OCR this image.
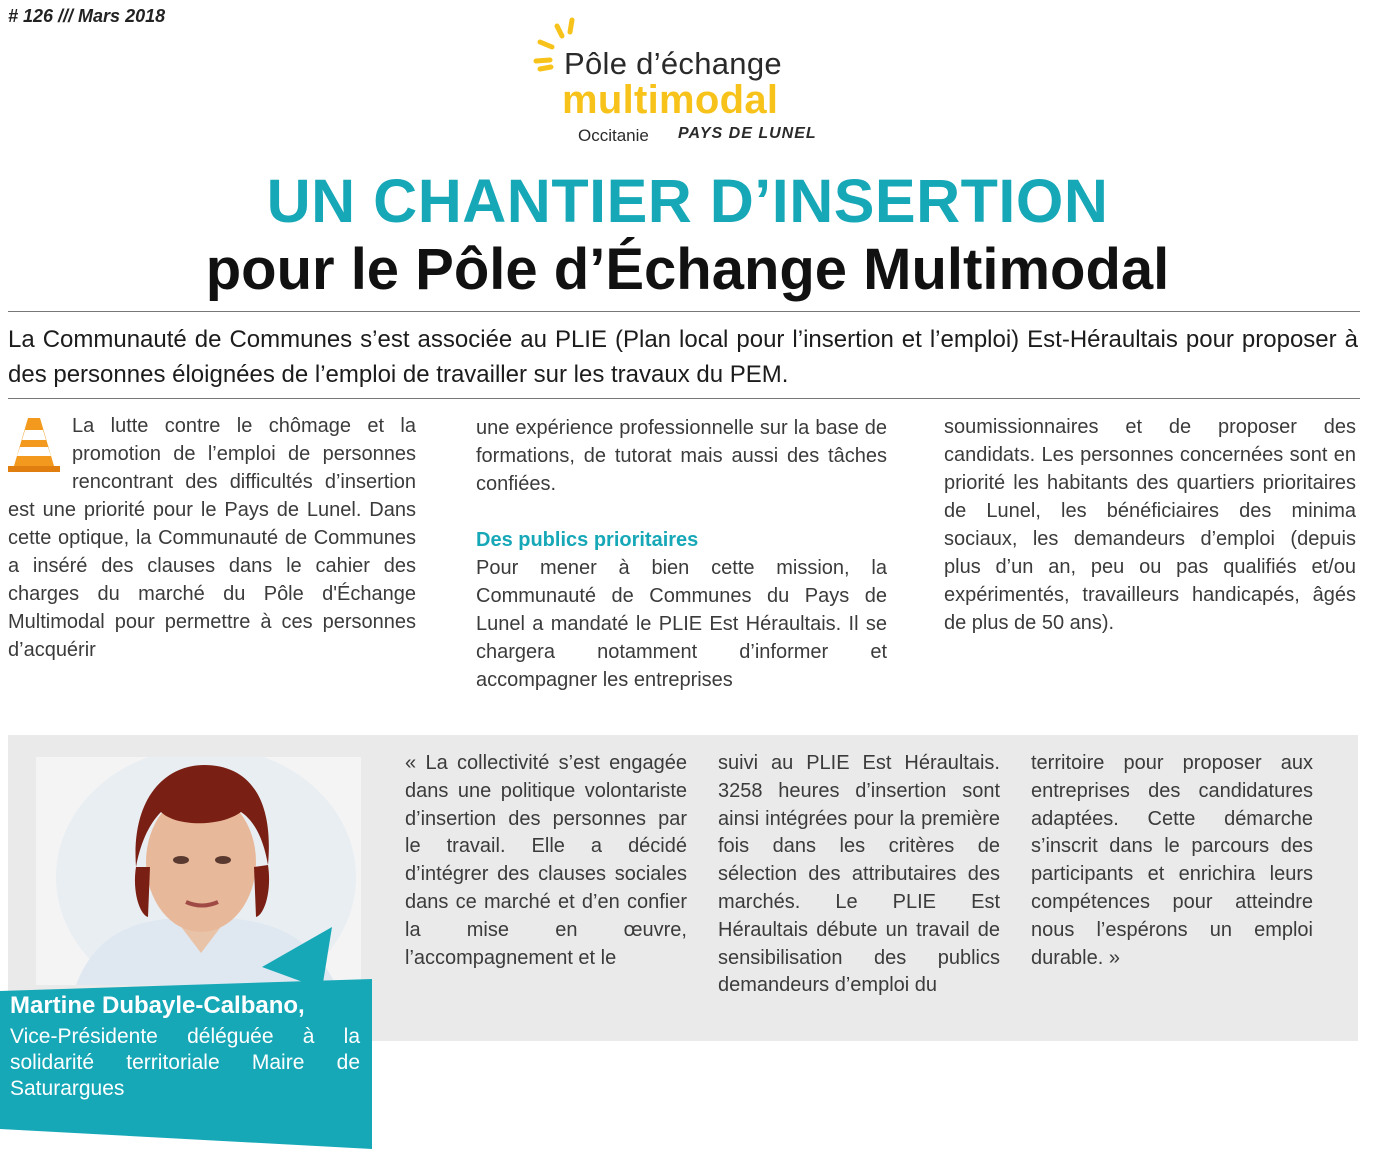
# 126 /// Mars 2018
Pôle d’échange
multimodal
Occitanie PAYS DE LUNEL
UN CHANTIER D’INSERTION
pour le Pôle d’Échange Multimodal
La Communauté de Communes s’est associée au PLIE (Plan local pour l’insertion et l’emploi) Est-Héraultais pour proposer à des personnes éloignées de l’emploi de travailler sur les travaux du PEM.

La lutte contre le chômage et la promotion de l’emploi de personnes rencontrant des difficultés d’insertion est une priorité pour le Pays de Lunel. Dans cette optique, la Communauté de Communes a inséré des clauses dans le cahier des charges du marché du Pôle d'Échange Multimodal pour permettre à ces personnes d’acquérir

une expérience professionnelle sur la base de formations, de tutorat mais aussi des tâches confiées.

Des publics prioritaires

Pour mener à bien cette mission, la Communauté de Communes du Pays de Lunel a mandaté le PLIE Est Héraultais. Il se chargera notamment d’informer et accompagner les entreprises

soumissionnaires et de proposer des candidats. Les personnes concernées sont en priorité les habitants des quartiers prioritaires de Lunel, les bénéficiaires des minima sociaux, les demandeurs d’emploi (depuis plus d’un an, peu ou pas qualifiés et/ou expérimentés, travailleurs handicapés, âgés de plus de 50 ans).

« La collectivité s’est engagée dans une politique volontariste d’insertion des personnes par le travail. Elle a décidé d’intégrer des clauses sociales dans ce marché et d’en confier la mise en œuvre, l’accompagnement et le
suivi au PLIE Est Héraultais. 3258 heures d’insertion sont ainsi intégrées pour la première fois dans les critères de sélection des attributaires des marchés. Le PLIE Est Héraultais débute un travail de sensibilisation des publics demandeurs d’emploi du
territoire pour proposer aux entreprises des candidatures adaptées. Cette démarche s’inscrit dans le parcours des participants et enrichira leurs compétences pour atteindre nous l’espérons un emploi durable. »
Martine Dubayle-Calbano,
Vice-Présidente déléguée à la solidarité territoriale Maire de Saturargues
